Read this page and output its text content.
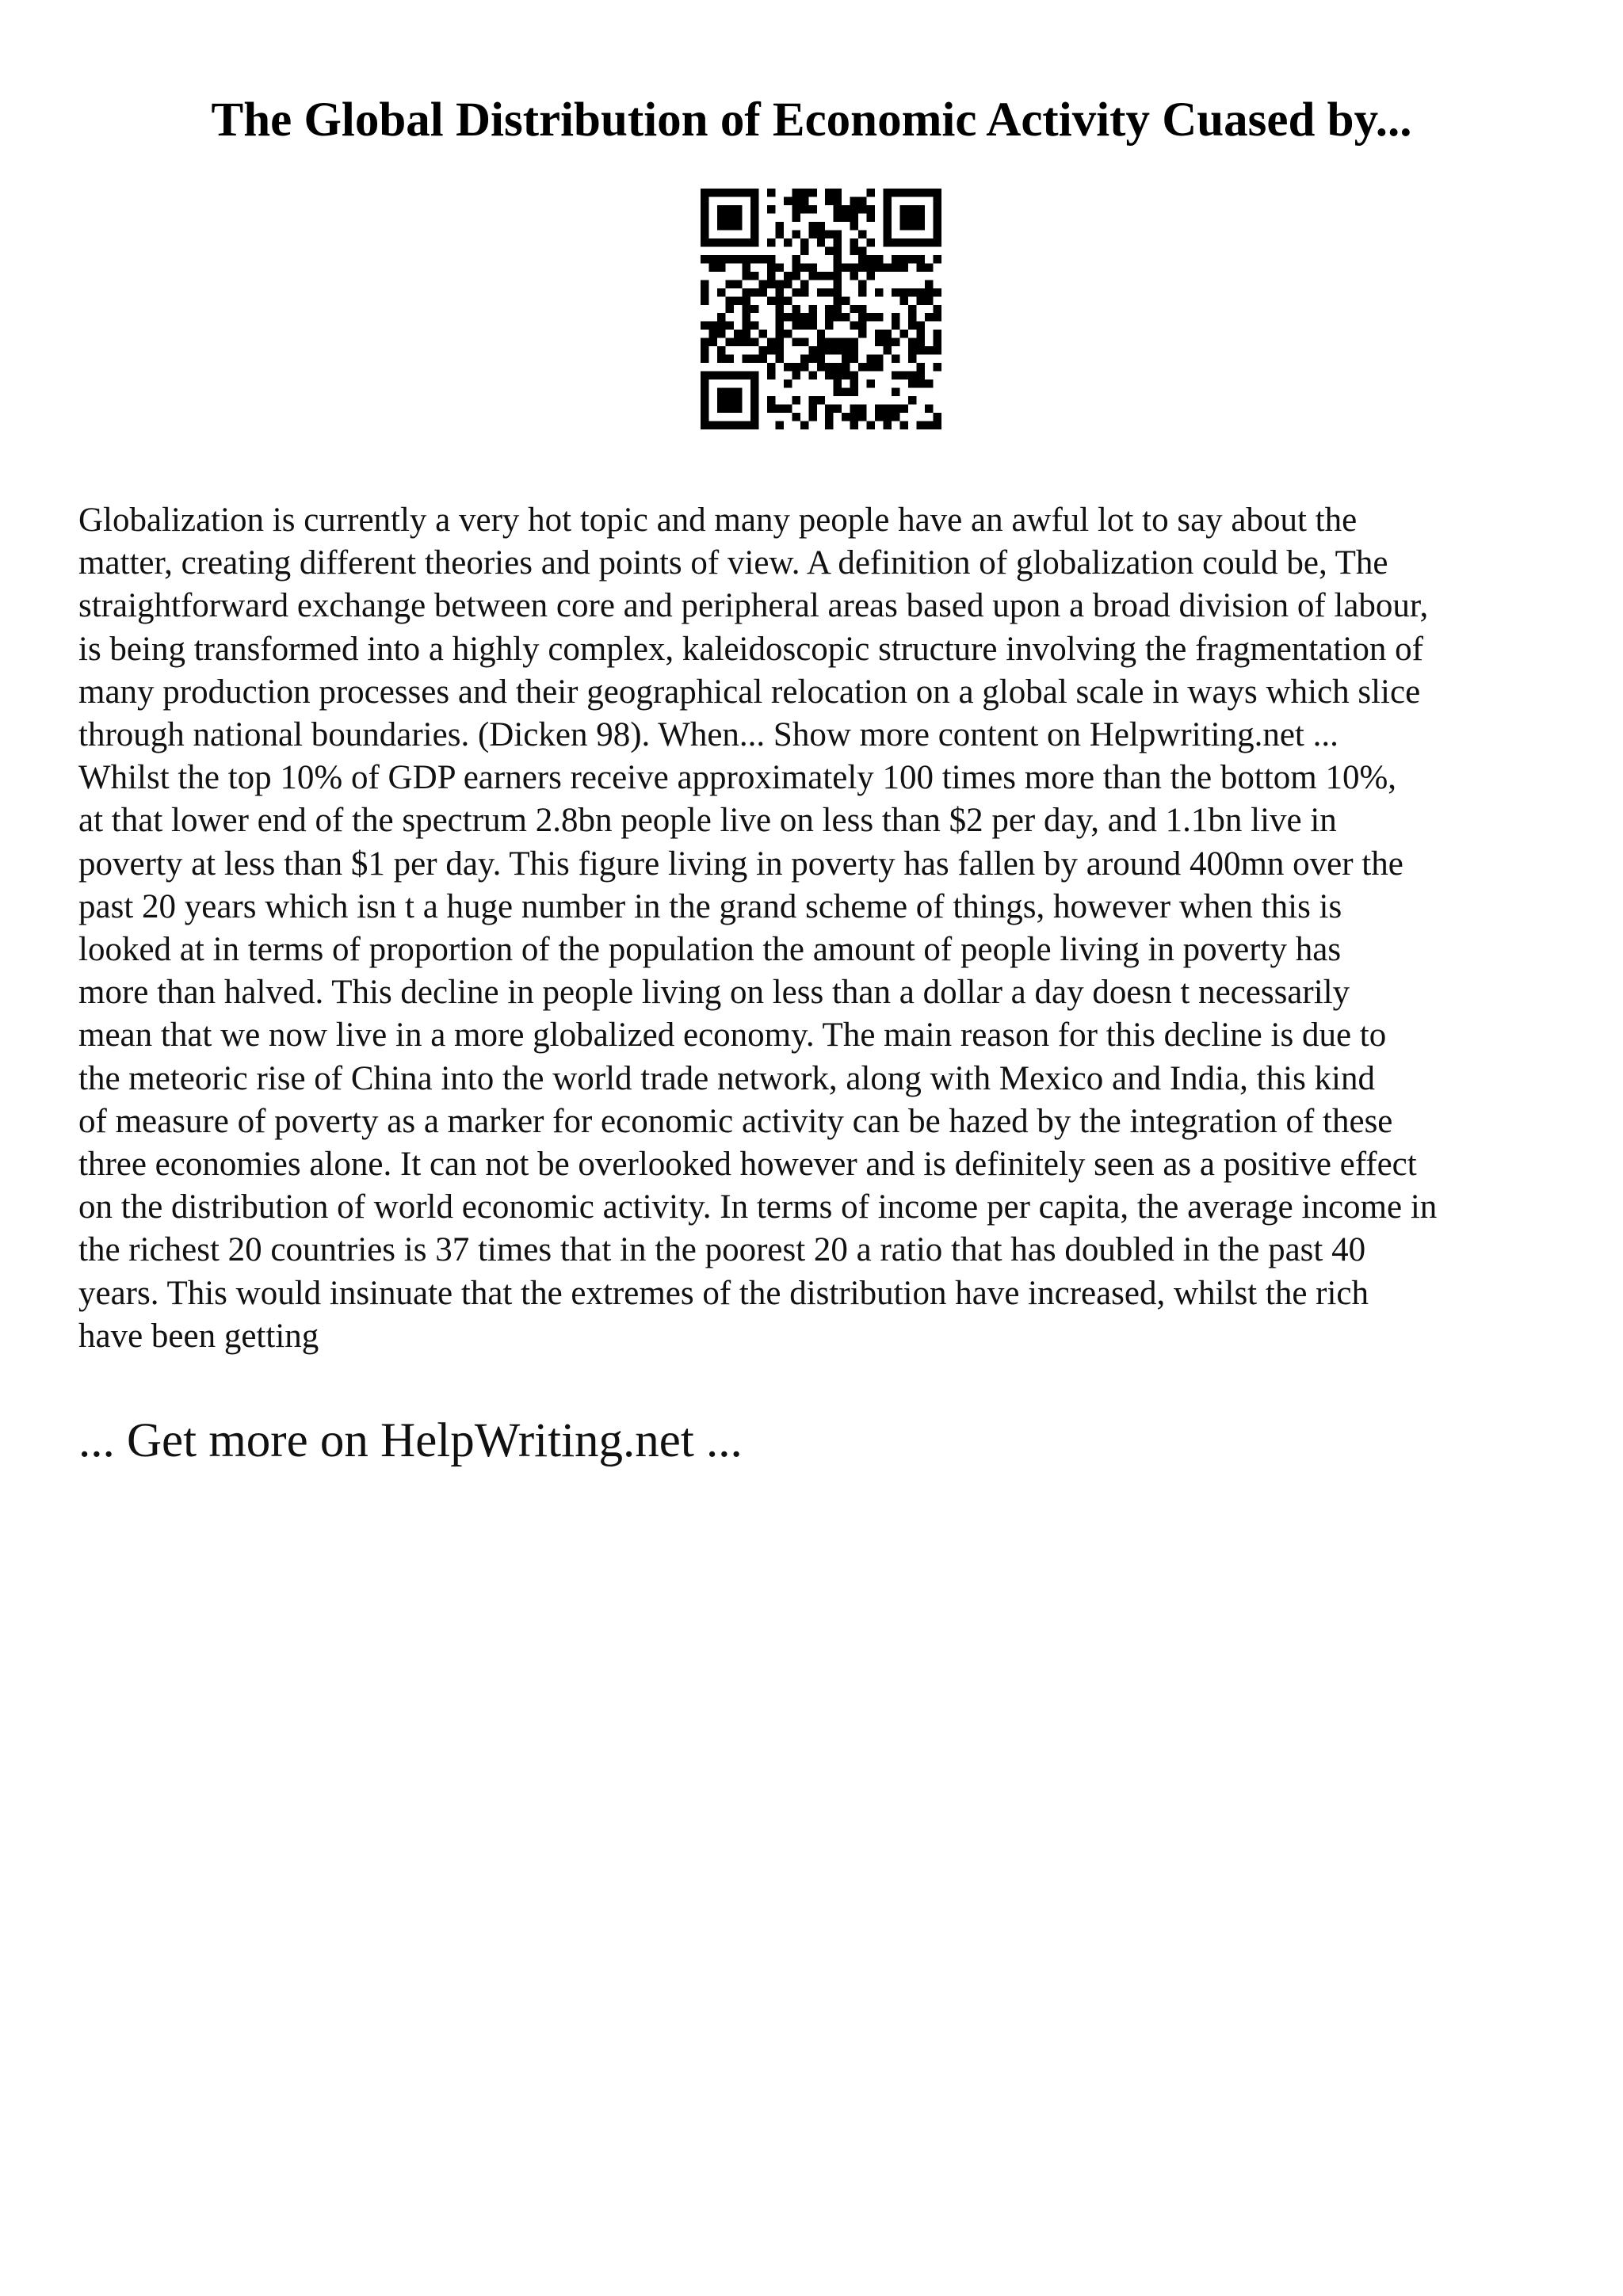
The Global Distribution of Economic Activity Cuased by...
Globalization is currently a very hot topic and many people have an awful lot to say about the
matter, creating different theories and points of view. A definition of globalization could be, The
straightforward exchange between core and peripheral areas based upon a broad division of labour,
is being transformed into a highly complex, kaleidoscopic structure involving the fragmentation of
many production processes and their geographical relocation on a global scale in ways which slice
through national boundaries. (Dicken 98). When... Show more content on Helpwriting.net ...
Whilst the top 10% of GDP earners receive approximately 100 times more than the bottom 10%,
at that lower end of the spectrum 2.8bn people live on less than $2 per day, and 1.1bn live in
poverty at less than $1 per day. This figure living in poverty has fallen by around 400mn over the
past 20 years which isn t a huge number in the grand scheme of things, however when this is
looked at in terms of proportion of the population the amount of people living in poverty has
more than halved. This decline in people living on less than a dollar a day doesn t necessarily
mean that we now live in a more globalized economy. The main reason for this decline is due to
the meteoric rise of China into the world trade network, along with Mexico and India, this kind
of measure of poverty as a marker for economic activity can be hazed by the integration of these
three economies alone. It can not be overlooked however and is definitely seen as a positive effect
on the distribution of world economic activity. In terms of income per capita, the average income in
the richest 20 countries is 37 times that in the poorest 20 a ratio that has doubled in the past 40
years. This would insinuate that the extremes of the distribution have increased, whilst the rich
have been getting
... Get more on HelpWriting.net ...
